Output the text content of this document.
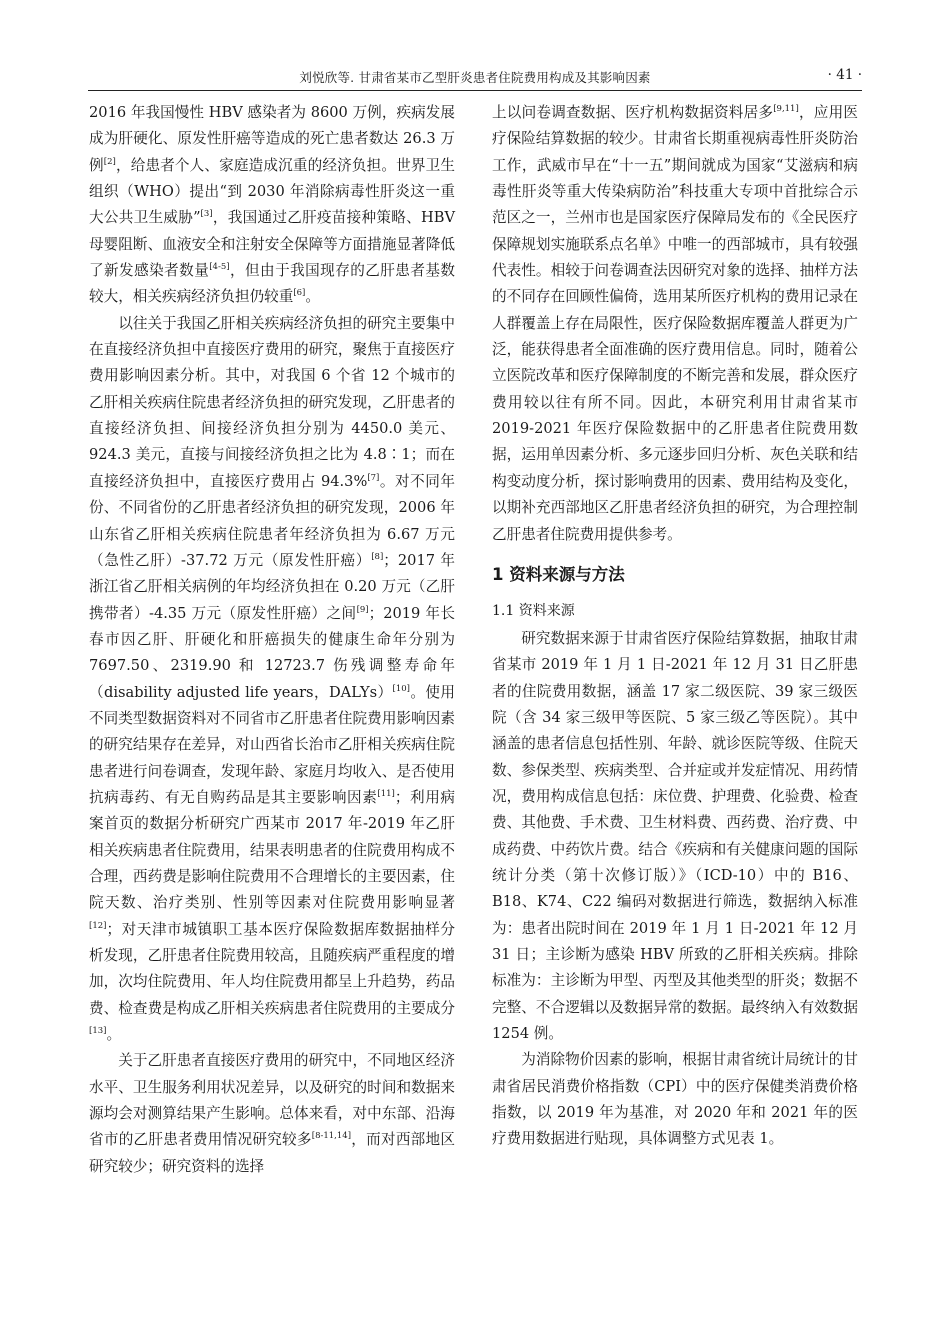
刘悦欣等. 甘肃省某市乙型肝炎患者住院费用构成及其影响因素	· 41 ·

2016 年我国慢性 HBV 感染者为 8600 万例，疾病发展成为肝硬化、原发性肝癌等造成的死亡患者数达 26.3 万例[2]，给患者个人、家庭造成沉重的经济负担。世界卫生组织（WHO）提出“到 2030 年消除病毒性肝炎这一重大公共卫生威胁”[3]，我国通过乙肝疫苗接种策略、HBV 母婴阻断、血液安全和注射安全保障等方面措施显著降低了新发感染者数量[4-5]，但由于我国现存的乙肝患者基数较大，相关疾病经济负担仍较重[6]。

以往关于我国乙肝相关疾病经济负担的研究主要集中在直接经济负担中直接医疗费用的研究，聚焦于直接医疗费用影响因素分析。其中，对我国 6 个省 12 个城市的乙肝相关疾病住院患者经济负担的研究发现，乙肝患者的直接经济负担、间接经济负担分别为 4450.0 美元、924.3 美元，直接与间接经济负担之比为 4.8∶1；而在直接经济负担中，直接医疗费用占 94.3%[7]。对不同年份、不同省份的乙肝患者经济负担的研究发现，2006 年山东省乙肝相关疾病住院患者年经济负担为 6.67 万元（急性乙肝）-37.72 万元（原发性肝癌）[8]；2017 年浙江省乙肝相关病例的年均经济负担在 0.20 万元（乙肝携带者）-4.35 万元（原发性肝癌）之间[9]；2019 年长春市因乙肝、肝硬化和肝癌损失的健康生命年分别为 7697.50、2319.90 和 12723.7 伤残调整寿命年（disability adjusted life years，DALYs）[10]。使用不同类型数据资料对不同省市乙肝患者住院费用影响因素的研究结果存在差异，对山西省长治市乙肝相关疾病住院患者进行问卷调查，发现年龄、家庭月均收入、是否使用抗病毒药、有无自购药品是其主要影响因素[11]；利用病案首页的数据分析研究广西某市 2017 年-2019 年乙肝相关疾病患者住院费用，结果表明患者的住院费用构成不合理，西药费是影响住院费用不合理增长的主要因素，住院天数、治疗类别、性别等因素对住院费用影响显著[12]；对天津市城镇职工基本医疗保险数据库数据抽样分析发现，乙肝患者住院费用较高，且随疾病严重程度的增加，次均住院费用、年人均住院费用都呈上升趋势，药品费、检查费是构成乙肝相关疾病患者住院费用的主要成分[13]。

关于乙肝患者直接医疗费用的研究中，不同地区经济水平、卫生服务利用状况差异，以及研究的时间和数据来源均会对测算结果产生影响。总体来看，对中东部、沿海省市的乙肝患者费用情况研究较多[8-11,14]，而对西部地区研究较少；研究资料的选择

上以问卷调查数据、医疗机构数据资料居多[9,11]，应用医疗保险结算数据的较少。甘肃省长期重视病毒性肝炎防治工作，武威市早在“十一五”期间就成为国家“艾滋病和病毒性肝炎等重大传染病防治”科技重大专项中首批综合示范区之一，兰州市也是国家医疗保障局发布的《全民医疗保障规划实施联系点名单》中唯一的西部城市，具有较强代表性。相较于问卷调查法因研究对象的选择、抽样方法的不同存在回顾性偏倚，选用某所医疗机构的费用记录在人群覆盖上存在局限性，医疗保险数据库覆盖人群更为广泛，能获得患者全面准确的医疗费用信息。同时，随着公立医院改革和医疗保障制度的不断完善和发展，群众医疗费用较以往有所不同。因此，本研究利用甘肃省某市 2019-2021 年医疗保险数据中的乙肝患者住院费用数据，运用单因素分析、多元逐步回归分析、灰色关联和结构变动度分析，探讨影响费用的因素、费用结构及变化，以期补充西部地区乙肝患者经济负担的研究，为合理控制乙肝患者住院费用提供参考。

1 资料来源与方法

1.1 资料来源

研究数据来源于甘肃省医疗保险结算数据，抽取甘肃省某市 2019 年 1 月 1 日-2021 年 12 月 31 日乙肝患者的住院费用数据，涵盖 17 家二级医院、39 家三级医院（含 34 家三级甲等医院、5 家三级乙等医院）。其中涵盖的患者信息包括性别、年龄、就诊医院等级、住院天数、参保类型、疾病类型、合并症或并发症情况、用药情况，费用构成信息包括：床位费、护理费、化验费、检查费、其他费、手术费、卫生材料费、西药费、治疗费、中成药费、中药饮片费。结合《疾病和有关健康问题的国际统计分类（第十次修订版）》（ICD-10）中的 B16、B18、K74、C22 编码对数据进行筛选，数据纳入标准为：患者出院时间在 2019 年 1 月 1 日-2021 年 12 月 31 日；主诊断为感染 HBV 所致的乙肝相关疾病。排除标准为：主诊断为甲型、丙型及其他类型的肝炎；数据不完整、不合逻辑以及数据异常的数据。最终纳入有效数据 1254 例。

为消除物价因素的影响，根据甘肃省统计局统计的甘肃省居民消费价格指数（CPI）中的医疗保健类消费价格指数，以 2019 年为基准，对 2020 年和 2021 年的医疗费用数据进行贴现，具体调整方式见表 1。
